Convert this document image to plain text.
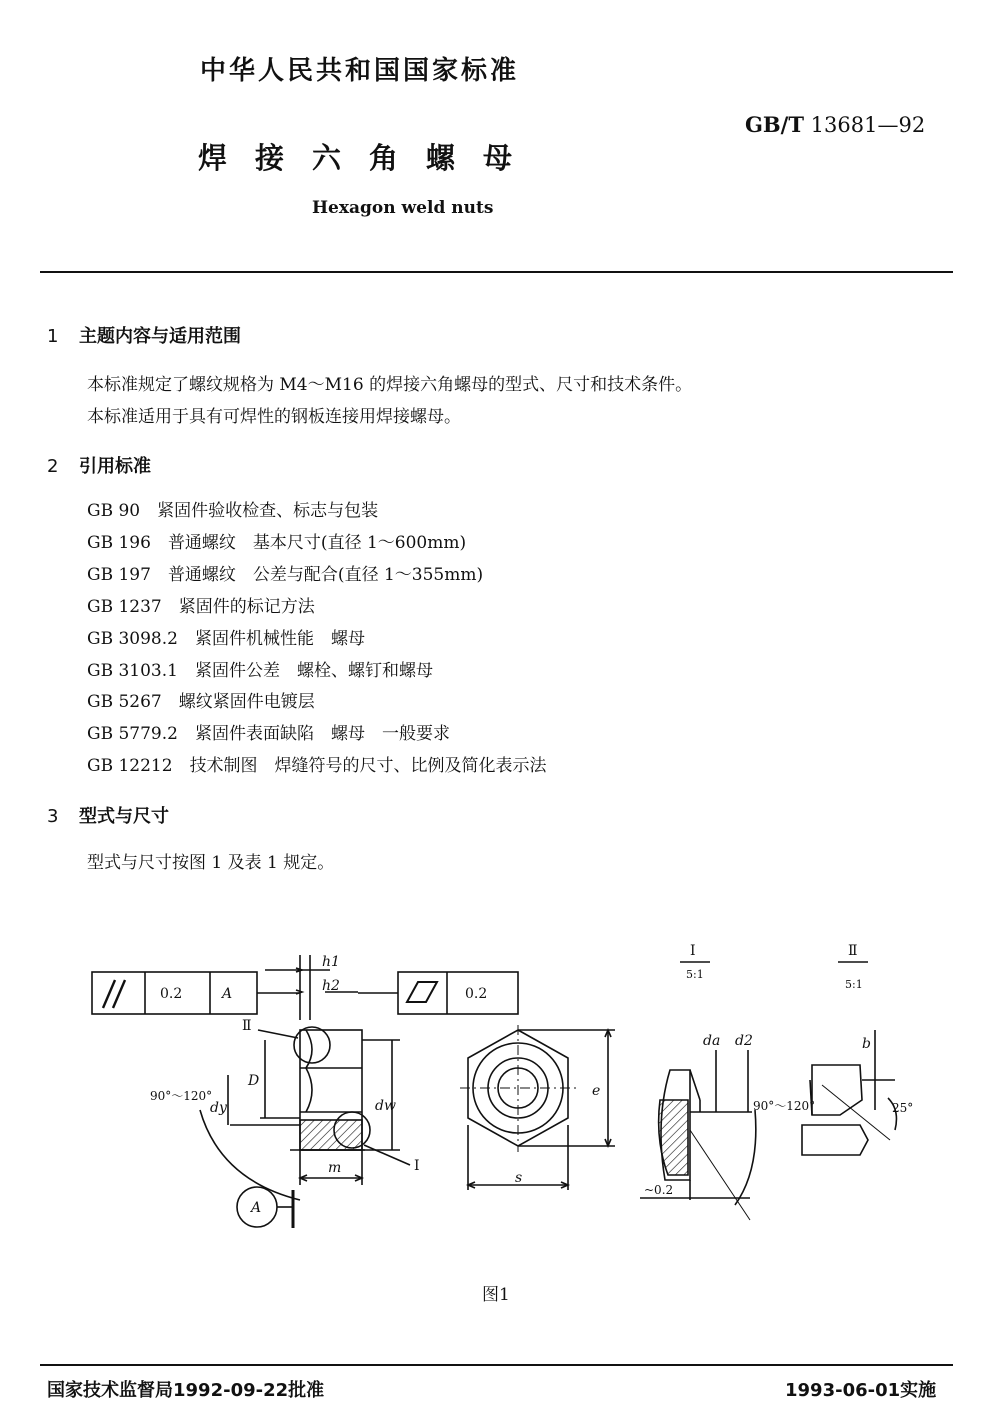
中华人民共和国国家标准
GB/T 13681—92
焊接六角螺母
Hexagon weld nuts
1 主题内容与适用范围
本标准规定了螺纹规格为 M4～M16 的焊接六角螺母的型式、尺寸和技术条件。
本标准适用于具有可焊性的钢板连接用焊接螺母。
2 引用标准
GB 90　 紧固件验收检查、标志与包装
GB 196　 普通螺纹　基本尺寸(直径 1～600mm)
GB 197　 普通螺纹　公差与配合(直径 1～355mm)
GB 1237　 紧固件的标记方法
GB 3098.2　 紧固件机械性能　螺母
GB 3103.1　 紧固件公差　螺栓、螺钉和螺母
GB 5267　 螺纹紧固件电镀层
GB 5779.2　 紧固件表面缺陷　螺母　一般要求
GB 12212　 技术制图　焊缝符号的尺寸、比例及简化表示法
3 型式与尺寸
型式与尺寸按图 1 及表 1 规定。
0.2	A	0.2
h1
h2
Ⅱ
dy
D
dw
Ⅰ
m
90°～120°
A
e
s
Ⅰ
5:1
Ⅱ
5:1
da d2
90°～120°
~0.2
b
25°
图1
国家技术监督局1992-09-22批准	1993-06-01实施
